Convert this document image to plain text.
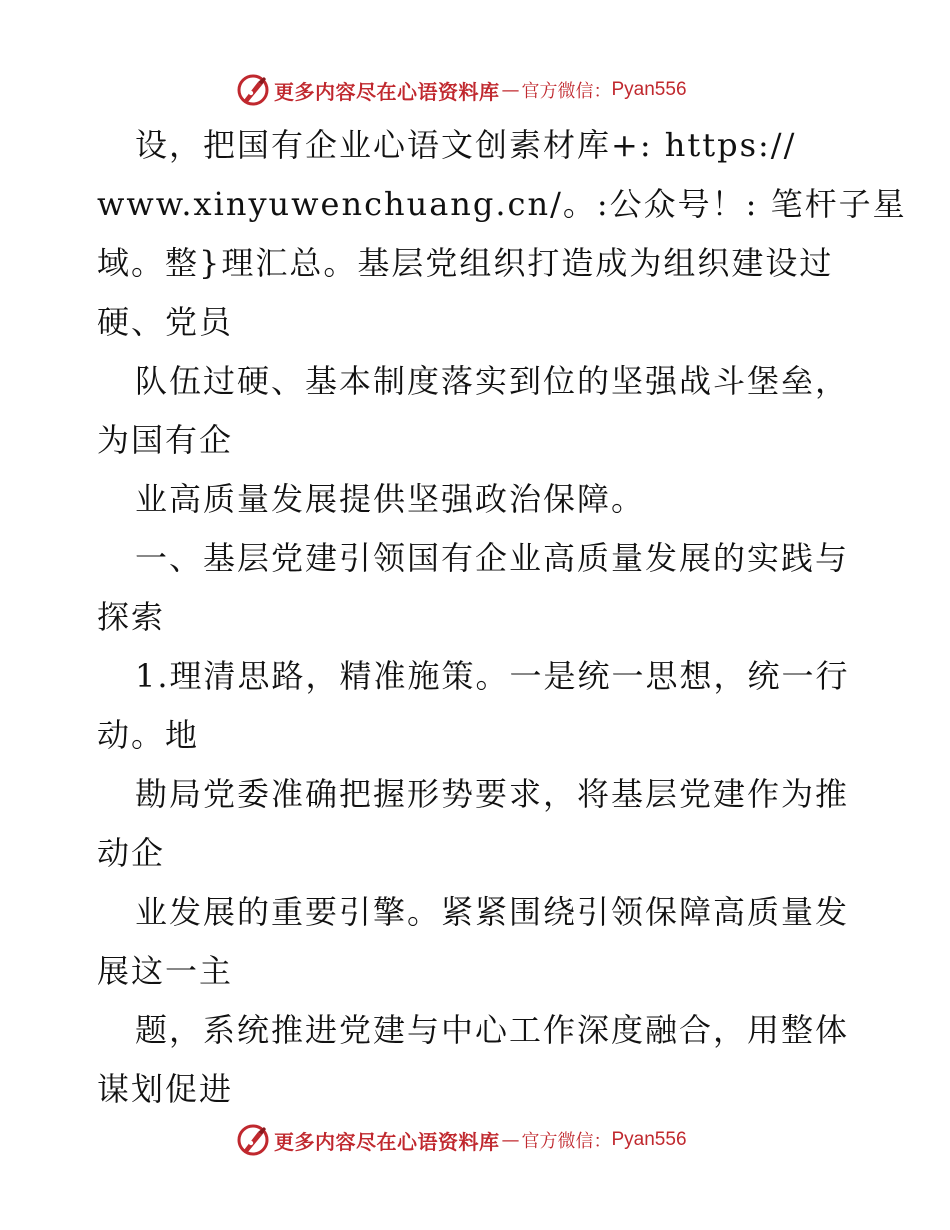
更多内容尽在心语资料库 — 官方微信： Pyan556
设，把国有企业心语文创素材库+: https://
www.xinyuwenchuang.cn/。:公众号！: 笔杆子星
域。整}理汇总。基层党组织打造成为组织建设过
硬、党员
队伍过硬、基本制度落实到位的坚强战斗堡垒，
为国有企
业高质量发展提供坚强政治保障。
一、基层党建引领国有企业高质量发展的实践与
探索
1.理清思路，精准施策。一是统一思想，统一行
动。地
勘局党委准确把握形势要求，将基层党建作为推
动企
业发展的重要引擎。紧紧围绕引领保障高质量发
展这一主
题，系统推进党建与中心工作深度融合，用整体
谋划促进
更多内容尽在心语资料库 — 官方微信： Pyan556
